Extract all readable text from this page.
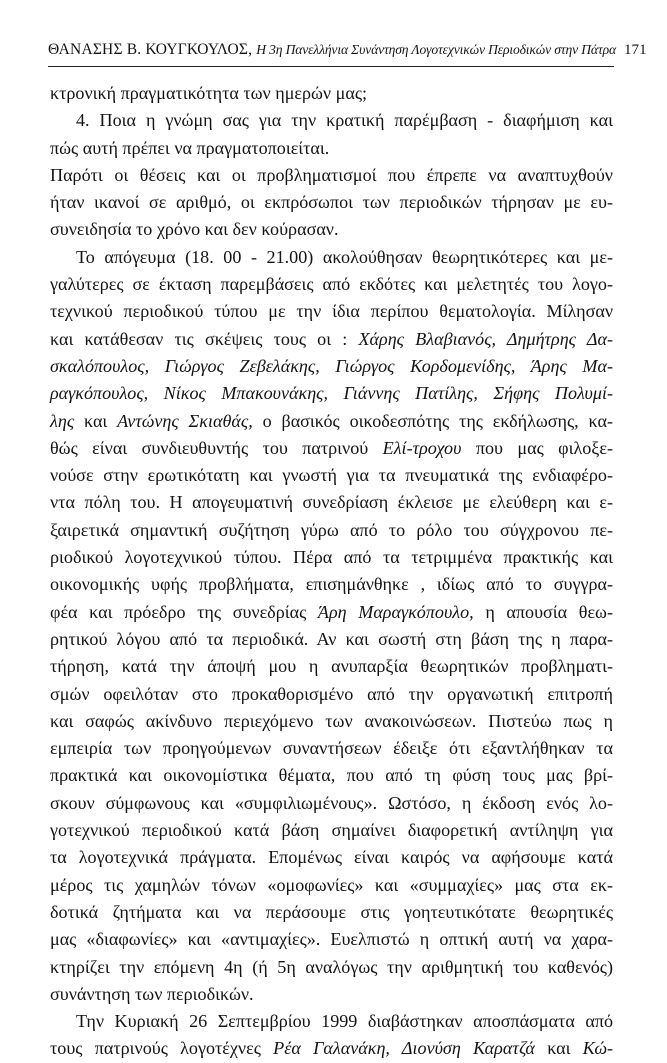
ΘΑΝΑΣΗΣ Β. ΚΟΥΓΚΟΥΛΟΣ, Η 3η Πανελλήνια Συνάντηση Λογοτεχνικών Περιοδικών στην Πάτρα 171
κτρονική πραγματικότητα των ημερών μας;
4. Ποια η γνώμη σας για την κρατική παρέμβαση - διαφήμιση και
πώς αυτή πρέπει να πραγματοποιείται.
Παρότι οι θέσεις και οι προβληματισμοί που έπρεπε να αναπτυχθούν
ήταν ικανοί σε αριθμό, οι εκπρόσωποι των περιοδικών τήρησαν με ευ-
συνειδησία το χρόνο και δεν κούρασαν.
Το απόγευμα (18. 00 - 21.00) ακολούθησαν θεωρητικότερες και με-
γαλύτερες σε έκταση παρεμβάσεις από εκδότες και μελετητές του λογο-
τεχνικού περιοδικού τύπου με την ίδια περίπου θεματολογία. Μίλησαν
και κατάθεσαν τις σκέψεις τους οι : Χάρης Βλαβιανός, Δημήτρης Δα-
σκαλόπουλος, Γιώργος Ζεβελάκης, Γιώργος Κορδομενίδης, Άρης Μα-
ραγκόπουλος, Νίκος Μπακουνάκης, Γιάννης Πατίλης, Σήφης Πολυμί-
λης και Αντώνης Σκιαθάς, ο βασικός οικοδεσπότης της εκδήλωσης, κα-
θώς είναι συνδιευθυντής του πατρινού Ελί-τροχου που μας φιλοξε-
νούσε στην ερωτικότατη και γνωστή για τα πνευματικά της ενδιαφέρο-
ντα πόλη του. Η απογευματινή συνεδρίαση έκλεισε με ελεύθερη και ε-
ξαιρετικά σημαντική συζήτηση γύρω από το ρόλο του σύγχρονου πε-
ριοδικού λογοτεχνικού τύπου. Πέρα από τα τετριμμένα πρακτικής και
οικονομικής υφής προβλήματα, επισημάνθηκε , ιδίως από το συγγρα-
φέα και πρόεδρο της συνεδρίας Άρη Μαραγκόπουλο, η απουσία θεω-
ρητικού λόγου από τα περιοδικά. Αν και σωστή στη βάση της η παρα-
τήρηση, κατά την άποψή μου η ανυπαρξία θεωρητικών προβληματι-
σμών οφειλόταν στο προκαθορισμένο από την οργανωτική επιτροπή
και σαφώς ακίνδυνο περιεχόμενο των ανακοινώσεων. Πιστεύω πως η
εμπειρία των προηγούμενων συναντήσεων έδειξε ότι εξαντλήθηκαν τα
πρακτικά και οικονομίστικα θέματα, που από τη φύση τους μας βρί-
σκουν σύμφωνους και «συμφιλιωμένους». Ωστόσο, η έκδοση ενός λο-
γοτεχνικού περιοδικού κατά βάση σημαίνει διαφορετική αντίληψη για
τα λογοτεχνικά πράγματα. Επομένως είναι καιρός να αφήσουμε κατά
μέρος τις χαμηλών τόνων «ομοφωνίες» και «συμμαχίες» μας στα εκ-
δοτικά ζητήματα και να περάσουμε στις γοητευτικότατε θεωρητικές
μας «διαφωνίες» και «αντιμαχίες». Ευελπιστώ η οπτική αυτή να χαρα-
κτηρίζει την επόμενη 4η (ή 5η αναλόγως την αριθμητική του καθενός)
συνάντηση των περιοδικών.
Την Κυριακή 26 Σεπτεμβρίου 1999 διαβάστηκαν αποσπάσματα από
τους πατρινούς λογοτέχνες Ρέα Γαλανάκη, Διονύση Καρατζά και Κώ-
